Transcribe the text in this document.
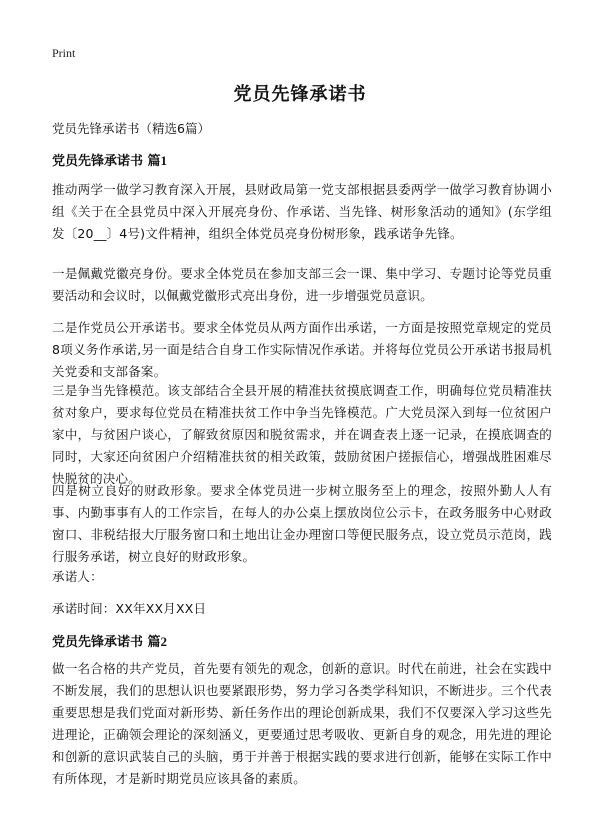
Print
党员先锋承诺书
党员先锋承诺书（精选6篇）

党员先锋承诺书 篇1

推动两学一做学习教育深入开展，县财政局第一党支部根据县委两学一做学习教育协调小组《关于在全县党员中深入开展亮身份、作承诺、当先锋、树形象活动的通知》(东学组发〔20__〕4号)文件精神，组织全体党员亮身份树形象，践承诺争先锋。

一是佩戴党徽亮身份。要求全体党员在参加支部三会一课、集中学习、专题讨论等党员重要活动和会议时，以佩戴党徽形式亮出身份，进一步增强党员意识。

二是作党员公开承诺书。要求全体党员从两方面作出承诺，一方面是按照党章规定的党员8项义务作承诺,另一面是结合自身工作实际情况作承诺。并将每位党员公开承诺书报局机关党委和支部备案。

三是争当先锋模范。该支部结合全县开展的精准扶贫摸底调查工作，明确每位党员精准扶贫对象户，要求每位党员在精准扶贫工作中争当先锋模范。广大党员深入到每一位贫困户家中，与贫困户谈心，了解致贫原因和脱贫需求，并在调查表上逐一记录，在摸底调查的同时，大家还向贫困户介绍精准扶贫的相关政策，鼓励贫困户搓振信心，增强战胜困难尽快脱贫的决心。

四是树立良好的财政形象。要求全体党员进一步树立服务至上的理念，按照外勤人人有事、内勤事事有人的工作宗旨，在每人的办公桌上摆放岗位公示卡，在政务服务中心财政窗口、非税结报大厅服务窗口和土地出让金办理窗口等便民服务点，设立党员示范岗，践行服务承诺，树立良好的财政形象。

承诺人：

承诺时间：XX年XX月XX日

党员先锋承诺书 篇2

做一名合格的共产党员，首先要有领先的观念，创新的意识。时代在前进，社会在实践中不断发展，我们的思想认识也要紧跟形势，努力学习各类学科知识，不断进步。三个代表重要思想是我们党面对新形势、新任务作出的理论创新成果，我们不仅要深入学习这些先进理论，正确领会理论的深刻涵义，更要通过思考吸收、更新自身的观念，用先进的理论和创新的意识武装自己的头脑，勇于并善于根据实践的要求进行创新，能够在实际工作中有所体现，才是新时期党员应该具备的素质。
